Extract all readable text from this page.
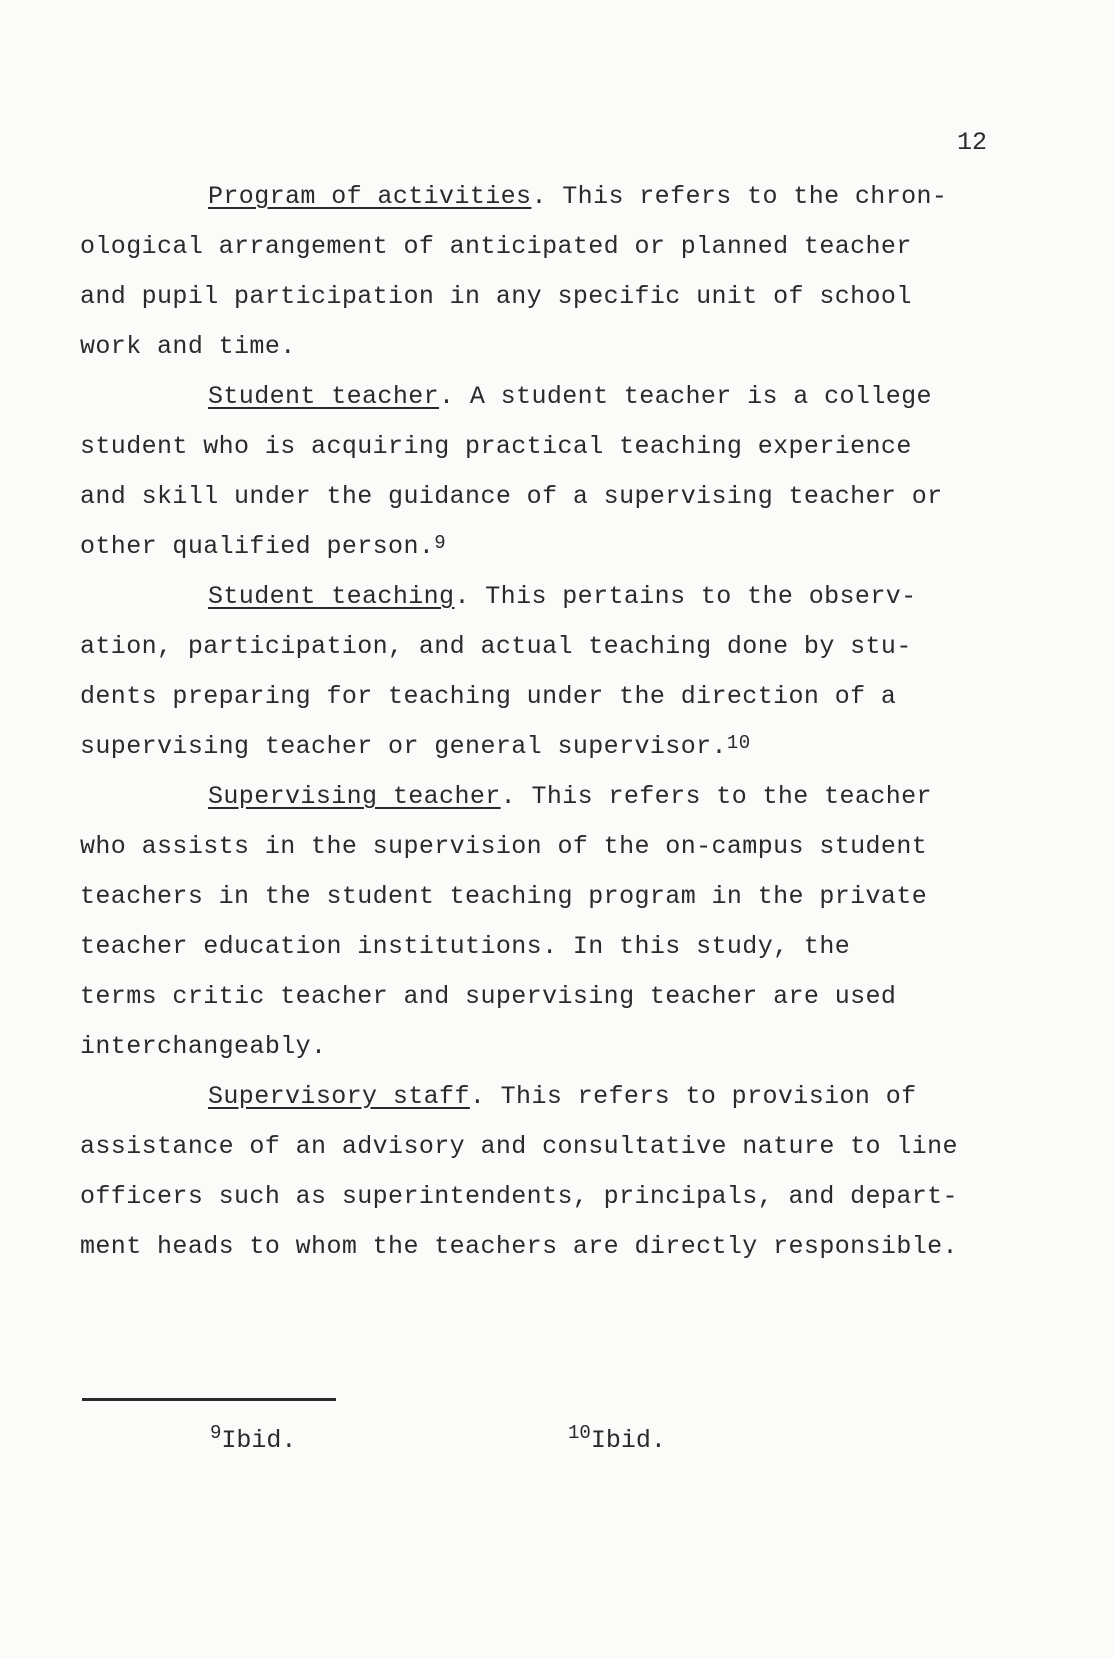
12
Program of activities. This refers to the chron-
ological arrangement of anticipated or planned teacher
and pupil participation in any specific unit of school
work and time.
Student teacher. A student teacher is a college
student who is acquiring practical teaching experience
and skill under the guidance of a supervising teacher or
other qualified person.$^9$
Student teaching. This pertains to the observ-
ation, participation, and actual teaching done by stu-
dents preparing for teaching under the direction of a
supervising teacher or general supervisor.$^{10}$
Supervising teacher. This refers to the teacher
who assists in the supervision of the on-campus student
teachers in the student teaching program in the private
teacher education institutions. In this study, the
terms critic teacher and supervising teacher are used
interchangeably.
Supervisory staff. This refers to provision of
assistance of an advisory and consultative nature to line
officers such as superintendents, principals, and depart-
ment heads to whom the teachers are directly responsible.
$^9$Ibid.	$^{10}$Ibid.
